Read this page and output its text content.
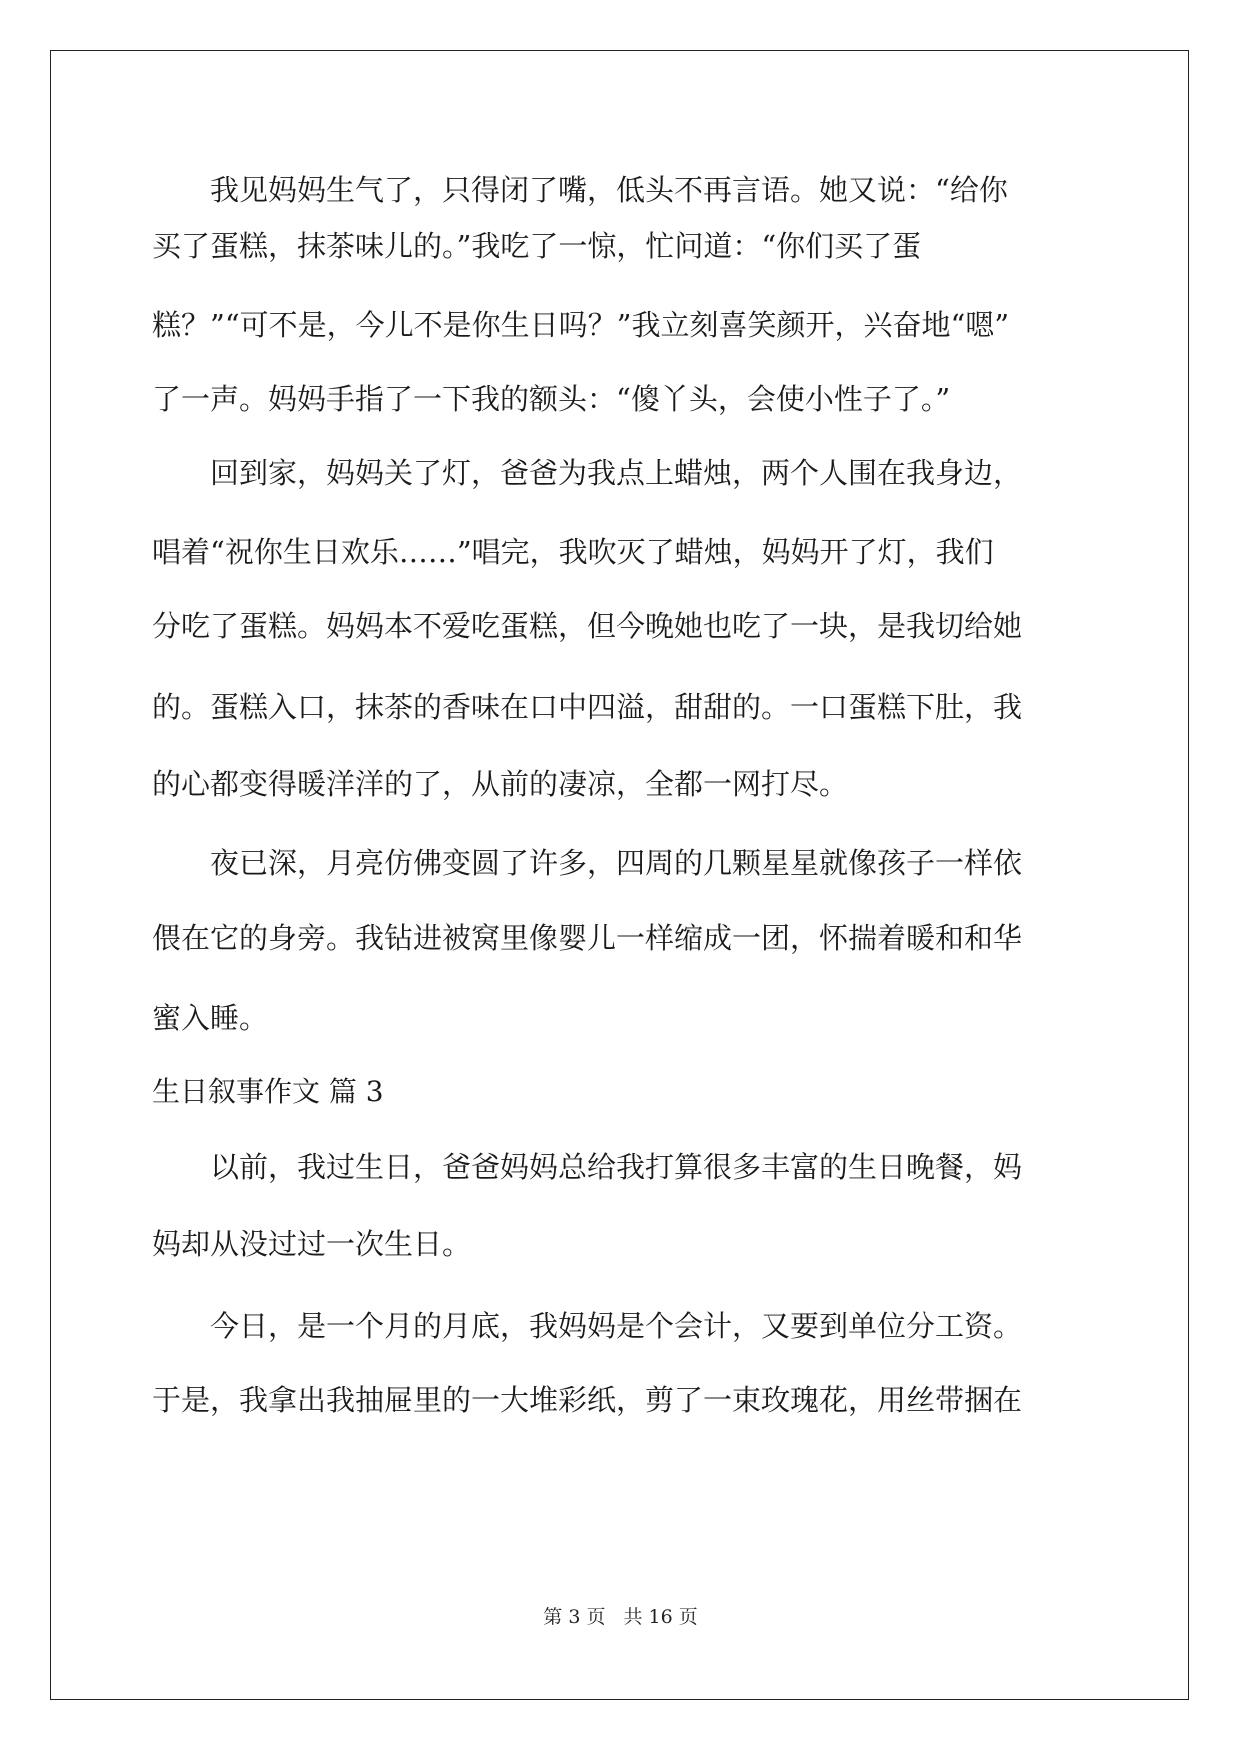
　　我见妈妈生气了，只得闭了嘴，低头不再言语。她又说：“给你

买了蛋糕，抹茶味儿的。”我吃了一惊，忙问道：“你们买了蛋

糕？”“可不是，今儿不是你生日吗？”我立刻喜笑颜开，兴奋地“嗯”

了一声。妈妈手指了一下我的额头：“傻丫头，会使小性子了。”

　　回到家，妈妈关了灯，爸爸为我点上蜡烛，两个人围在我身边，

唱着“祝你生日欢乐……”唱完，我吹灭了蜡烛，妈妈开了灯，我们

分吃了蛋糕。妈妈本不爱吃蛋糕，但今晚她也吃了一块，是我切给她

的。蛋糕入口，抹茶的香味在口中四溢，甜甜的。一口蛋糕下肚，我

的心都变得暖洋洋的了，从前的凄凉，全都一网打尽。

　　夜已深，月亮仿佛变圆了许多，四周的几颗星星就像孩子一样依

偎在它的身旁。我钻进被窝里像婴儿一样缩成一团，怀揣着暖和和华

蜜入睡。

生日叙事作文 篇 3

　　以前，我过生日，爸爸妈妈总给我打算很多丰富的生日晚餐，妈

妈却从没过过一次生日。

　　今日，是一个月的月底，我妈妈是个会计，又要到单位分工资。

于是，我拿出我抽屉里的一大堆彩纸，剪了一束玫瑰花，用丝带捆在

第 3 页 共 16 页
